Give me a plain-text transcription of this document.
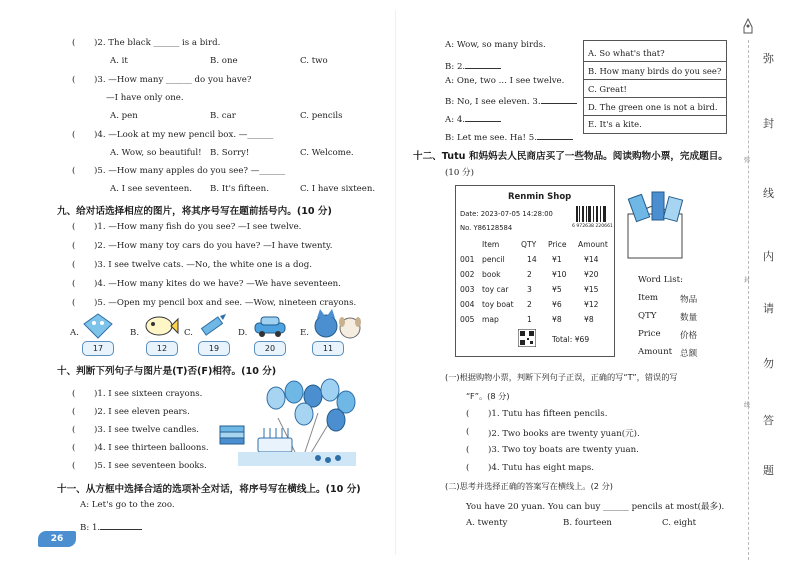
( )2. The black ______ is a bird.
A. it	B. one	C. two
( )3. —How many ______ do you have?
—I have only one.
A. pen	B. car	C. pencils
( )4. —Look at my new pencil box. —______
A. Wow, so beautiful! B. Sorry!	C. Welcome.
( )5. —How many apples do you see? —______
A. I see seventeen. B. It's fifteen.	C. I have sixteen.
九、给对话选择相应的图片，将其序号写在题前括号内。(10 分)
( )1. —How many fish do you see? —I see twelve.
( )2. —How many toy cars do you have? —I have twenty.
( )3. I see twelve cats. —No, the white one is a dog.
( )4. —How many kites do we have? —We have seventeen.
( )5. —Open my pencil box and see. —Wow, nineteen crayons.
A.
17
B.
12
C.
19
D.
20
E.
11
十、判断下列句子与图片是(T)否(F)相符。(10 分)
( )1. I see sixteen crayons.
( )2. I see eleven pears.
( )3. I see twelve candles.
( )4. I see thirteen balloons.
( )5. I see seventeen books.
十一、从方框中选择合适的选项补全对话，将序号写在横线上。(10 分)
A: Let's go to the zoo.
B: 1.
26
A: Wow, so many birds.
B: 2.
A: One, two ... I see twelve.
B: No, I see eleven. 3.
A: 4.
B: Let me see. Ha! 5.
A. So what's that?
B. How many birds do you see?
C. Great!
D. The green one is not a bird.
E. It's a kite.
十二、Tutu 和妈妈去人民商店买了一些物品。阅读购物小票，完成题目。
(10 分)
Renmin Shop
Date: 2023-07-05 14:28:00
No. Y86128584	6 972638 220661
Item	QTY Price Amount
001 pencil	14 ¥1	¥14
002 book	2	¥10 ¥20
003 toy car 3	¥5	¥15
004 toy boat 2	¥6	¥12
005 map	1	¥8	¥8
Total: ¥69
Word List:
Item	物品
QTY	数量
Price 价格
Amount 总额
(一)根据购物小票，判断下列句子正误，正确的写“T”，错误的写
“F”。(8 分)
( )1. Tutu has fifteen pencils.
( )2. Two books are twenty yuan(元).
( )3. Two toy boats are twenty yuan.
( )4. Tutu has eight maps.
(二)思考并选择正确的答案写在横线上。(2 分)
You have 20 yuan. You can buy ______ pencils at most(最多).
A. twenty	B. fourteen	C. eight
弥
封
线
内
请
勿
答
题
弥
封
线
